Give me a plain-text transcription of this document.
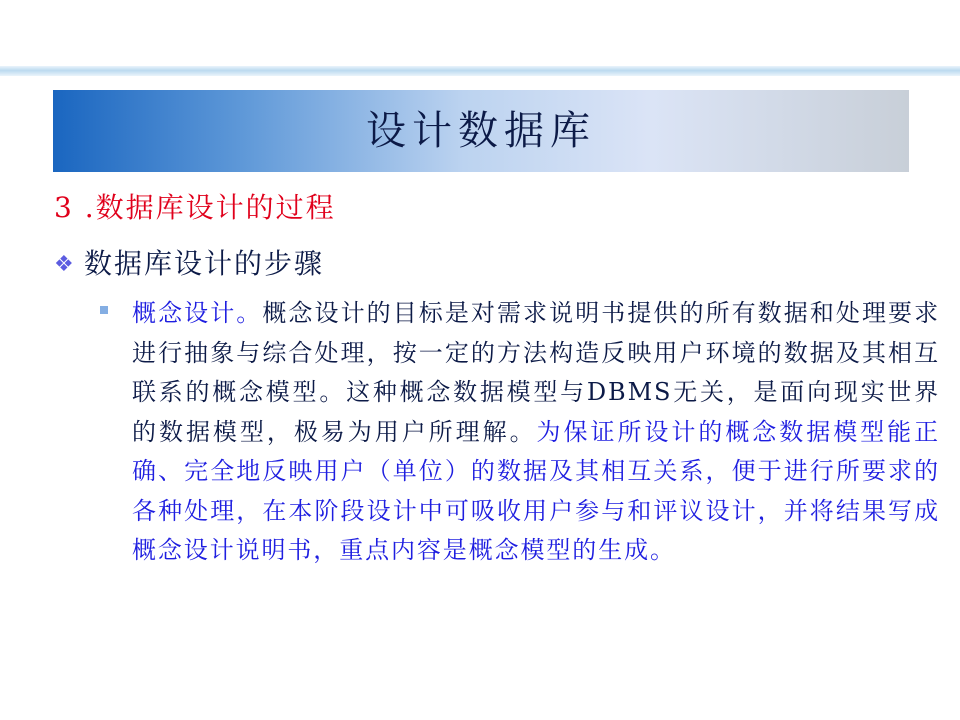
设计数据库
3 .数据库设计的过程
❖ 数据库设计的步骤
概念设计。概念设计的目标是对需求说明书提供的所有数据和处理要求进行抽象与综合处理，按一定的方法构造反映用户环境的数据及其相互联系的概念模型。这种概念数据模型与DBMS无关，是面向现实世界的数据模型，极易为用户所理解。为保证所设计的概念数据模型能正确、完全地反映用户（单位）的数据及其相互关系，便于进行所要求的各种处理，在本阶段设计中可吸收用户参与和评议设计，并将结果写成概念设计说明书，重点内容是概念模型的生成。
